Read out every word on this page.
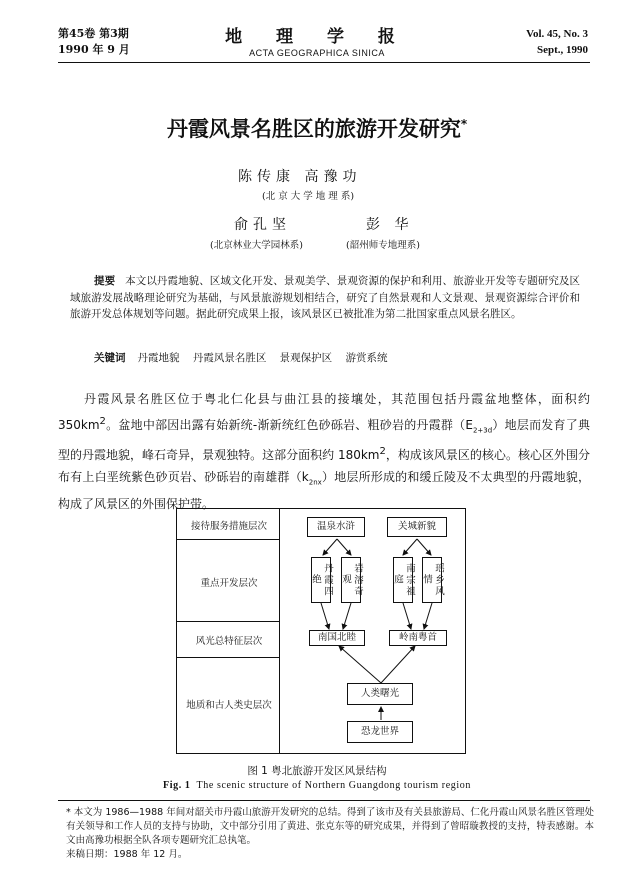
第45卷 第3期
1990 年 9 月
地 理 学 报
ACTA GEOGRAPHICA SINICA
Vol. 45, No. 3
Sept., 1990
丹霞风景名胜区的旅游开发研究*
陈传康 高豫功
(北 京 大 学 地 理 系)
俞孔坚	彭 华
(北京林业大学园林系)	(韶州师专地理系)
提要 本文以丹霞地貌、区域文化开发、景观美学、景观资源的保护和利用、旅游业开发等专题研究及区域旅游发展战略理论研究为基础，与风景旅游规划相结合，研究了自然景观和人文景观、景观资源综合评价和旅游开发总体规划等问题。据此研究成果上报，该风景区已被批准为第二批国家重点风景名胜区。
关键词 丹霞地貌 丹霞风景名胜区 景观保护区 游赏系统
丹霞风景名胜区位于粤北仁化县与曲江县的接壤处，其范围包括丹霞盆地整体，面积约 $350km^2$。盆地中部因出露有始新统-渐新统红色砂砾岩、粗砂岩的丹霞群$(E_{2+3d})$地层而发育了典型的丹霞地貌，峰石奇异，景观独特。这部分面积约 $180km^2$，构成该风景区的核心。核心区外围分布有上白垩统紫色砂页岩、砂砾岩的南雄群$(k_{2nx})$地层所形成的和缓丘陵及不太典型的丹霞地貌，构成了风景区的外围保护带。
接待服务措施层次
重点开发层次
风光总特征层次
地质和古人类史层次
温泉水浒	关城新貌
丹霞四绝	岩溶奇观	南宗祖庭	瑶乡风情
南国北睦	岭南粤首
人类曙光
恐龙世界
图 1 粤北旅游开发区风景结构
Fig. 1 The scenic structure of Northern Guangdong tourism region
* 本文为 1986—1988 年间对韶关市丹霞山旅游开发研究的总结。得到了该市及有关县旅游局、仁化丹霞山风景名胜区管理处有关领导和工作人员的支持与协助，文中部分引用了黄进、张克东等的研究成果，并得到了曾昭璇教授的支持，特表感谢。本文由高豫功根据全队各项专题研究汇总执笔。
来稿日期：1988 年 12 月。
